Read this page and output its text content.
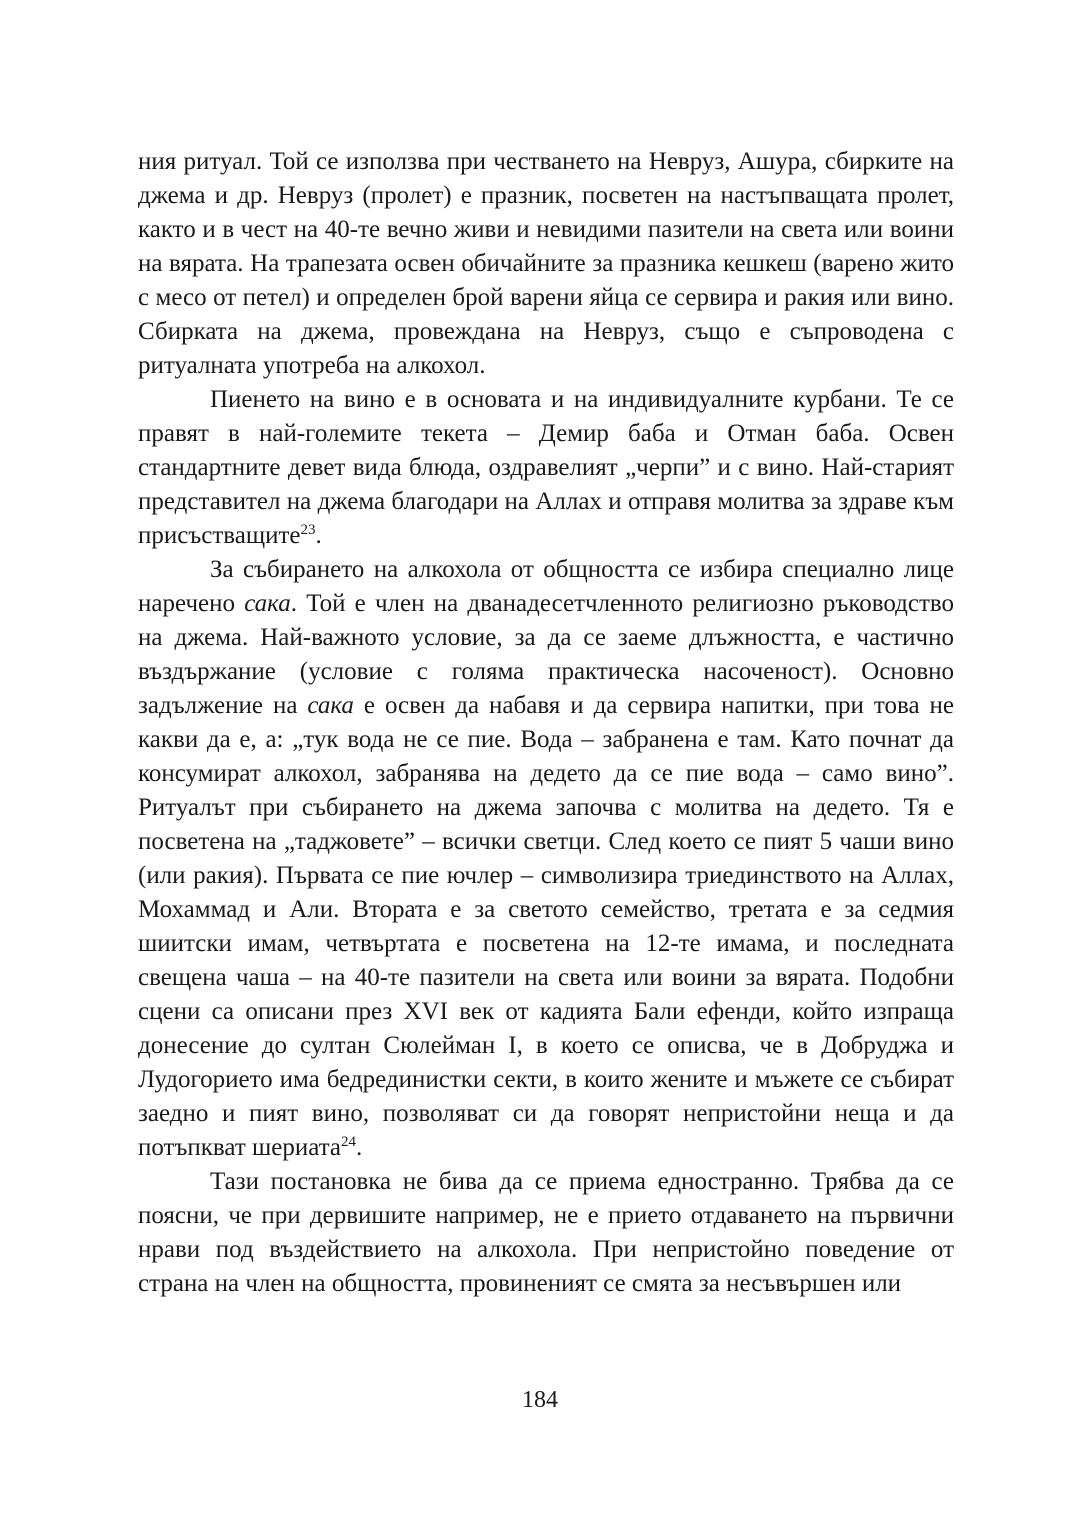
ния ритуал. Той се използва при честването на Невруз, Ашура, сбирките на джема и др. Невруз (пролет) е празник, посветен на настъпващата пролет, както и в чест на 40-те вечно живи и невидими пазители на света или воини на вярата. На трапезата освен обичайните за празника кешкеш (варено жито с месо от петел) и определен брой варени яйца се сервира и ракия или вино. Сбирката на джема, провеждана на Невруз, също е съпроводена с ритуалната употреба на алкохол.

Пиенето на вино е в основата и на индивидуалните курбани. Те се правят в най-големите текета – Демир баба и Отман баба. Освен стандартните девет вида блюда, оздравелият „черпи” и с вино. Най-старият представител на джема благодари на Аллах и отправя молитва за здраве към присъстващите$^{23}$.

За събирането на алкохола от общността се избира специално лице наречено сака. Той е член на дванадесетчленното религиозно ръководство на джема. Най-важното условие, за да се заеме длъжността, е частично въздържание (условие с голяма практическа насоченост). Основно задължение на сака е освен да набавя и да сервира напитки, при това не какви да е, а: „тук вода не се пие. Вода – забранена е там. Като почнат да консумират алкохол, забранява на дедето да се пие вода – само вино”. Ритуалът при събирането на джема започва с молитва на дедето. Тя е посветена на „таджовете” – всички светци. След което се пият 5 чаши вино (или ракия). Първата се пие ючлер – символизира триединството на Аллах, Мохаммад и Али. Втората е за светото семейство, третата е за седмия шиитски имам, четвъртата е посветена на 12-те имама, и последната свещена чаша – на 40-те пазители на света или воини за вярата. Подобни сцени са описани през XVI век от кадията Бали ефенди, който изпраща донесение до султан Сюлейман I, в което се описва, че в Добруджа и Лудогорието има бедрединистки секти, в които жените и мъжете се събират заедно и пият вино, позволяват си да говорят непристойни неща и да потъпкват шериата$^{24}$.

Тази постановка не бива да се приема едностранно. Трябва да се поясни, че при дервишите например, не е прието отдаването на първични нрави под въздействието на алкохола. При непристойно поведение от страна на член на общността, провиненият се смята за несъвършен или

184
